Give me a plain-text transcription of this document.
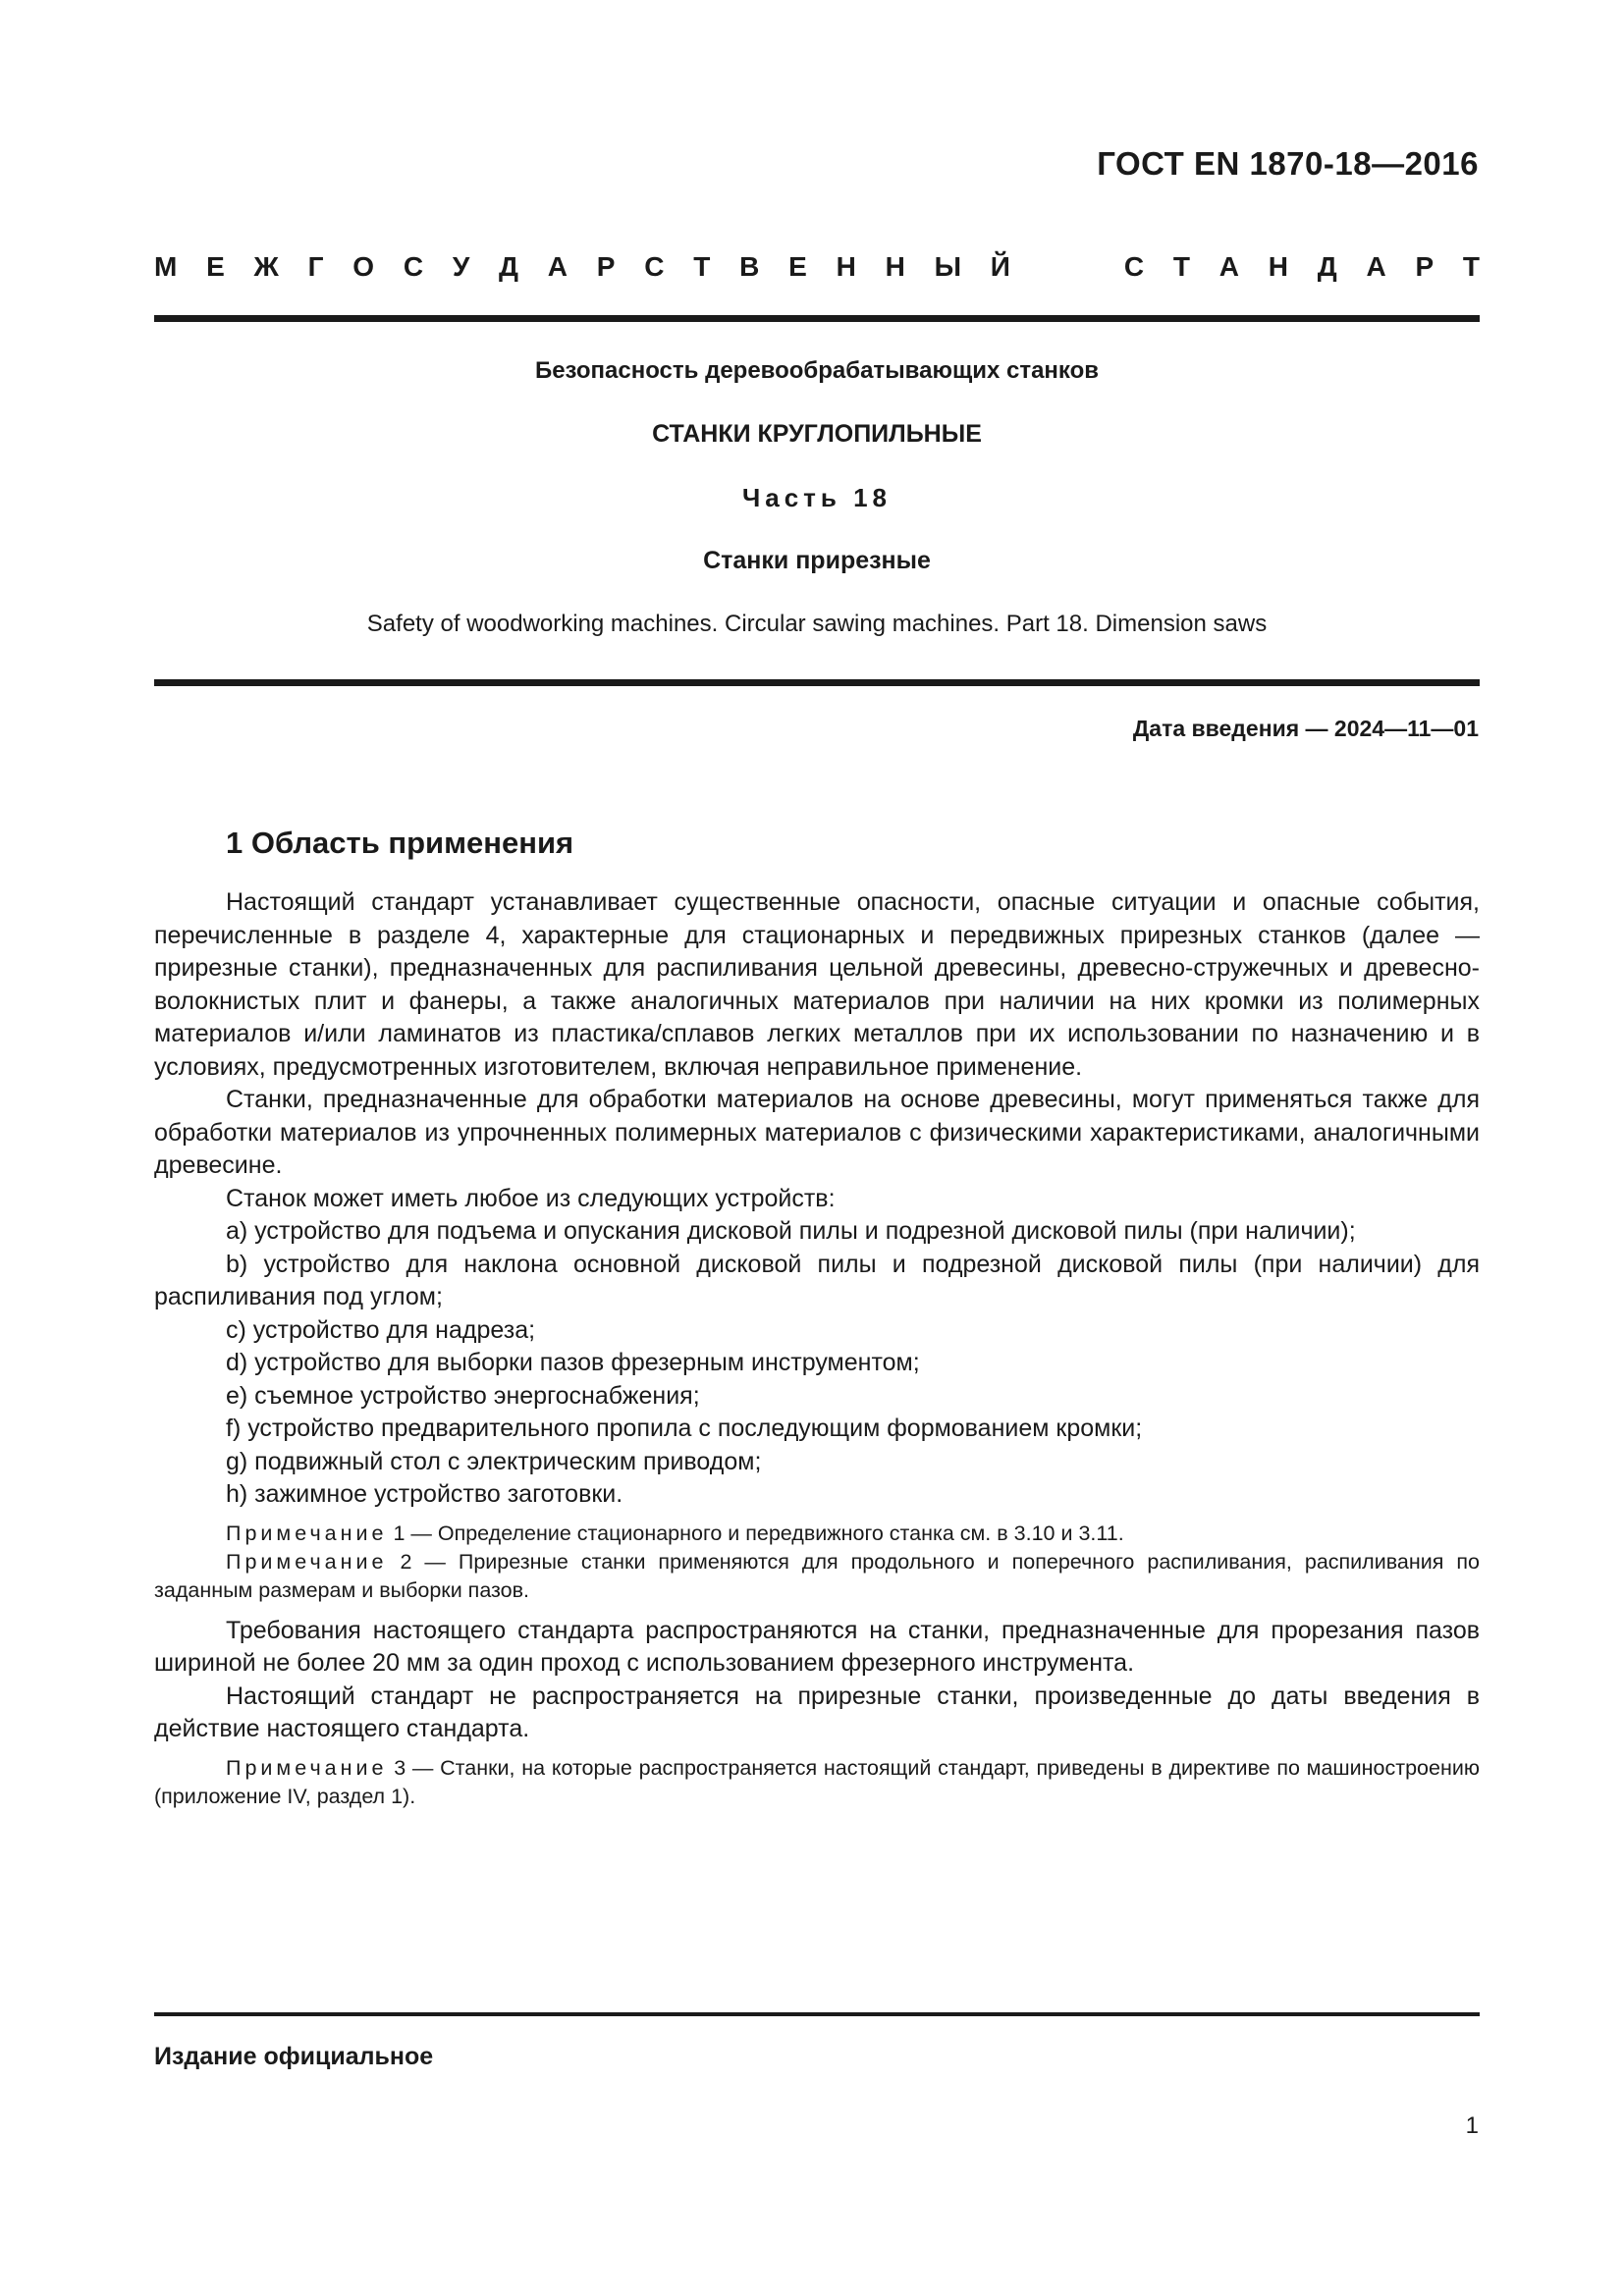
ГОСТ EN 1870-18—2016
М Е Ж Г О С У Д А Р С Т В Е Н Н Ы Й	С Т А Н Д А Р Т
Безопасность деревообрабатывающих станков
СТАНКИ КРУГЛОПИЛЬНЫЕ
Часть 18
Станки прирезные
Safety of woodworking machines. Circular sawing machines. Part 18. Dimension saws
Дата введения — 2024—11—01
1 Область применения

Настоящий стандарт устанавливает существенные опасности, опасные ситуации и опасные события, перечисленные в разделе 4, характерные для стационарных и передвижных прирезных станков (далее — прирезные станки), предназначенных для распиливания цельной древесины, древесно-стружечных и древесно-волокнистых плит и фанеры, а также аналогичных материалов при наличии на них кромки из полимерных материалов и/или ламинатов из пластика/сплавов легких металлов при их использовании по назначению и в условиях, предусмотренных изготовителем, включая неправильное применение.

Станки, предназначенные для обработки материалов на основе древесины, могут применяться также для обработки материалов из упрочненных полимерных материалов с физическими характеристиками, аналогичными древесине.

Станок может иметь любое из следующих устройств:

a) устройство для подъема и опускания дисковой пилы и подрезной дисковой пилы (при наличии);

b) устройство для наклона основной дисковой пилы и подрезной дисковой пилы (при наличии) для распиливания под углом;

c) устройство для надреза;

d) устройство для выборки пазов фрезерным инструментом;

e) съемное устройство энергоснабжения;

f) устройство предварительного пропила с последующим формованием кромки;

g) подвижный стол с электрическим приводом;

h) зажимное устройство заготовки.

Примечание 1 — Определение стационарного и передвижного станка см. в 3.10 и 3.11.

Примечание 2 — Прирезные станки применяются для продольного и поперечного распиливания, распиливания по заданным размерам и выборки пазов.

Требования настоящего стандарта распространяются на станки, предназначенные для прорезания пазов шириной не более 20 мм за один проход с использованием фрезерного инструмента.

Настоящий стандарт не распространяется на прирезные станки, произведенные до даты введения в действие настоящего стандарта.

Примечание 3 — Станки, на которые распространяется настоящий стандарт, приведены в директиве по машиностроению (приложение IV, раздел 1).

Издание официальное
1
